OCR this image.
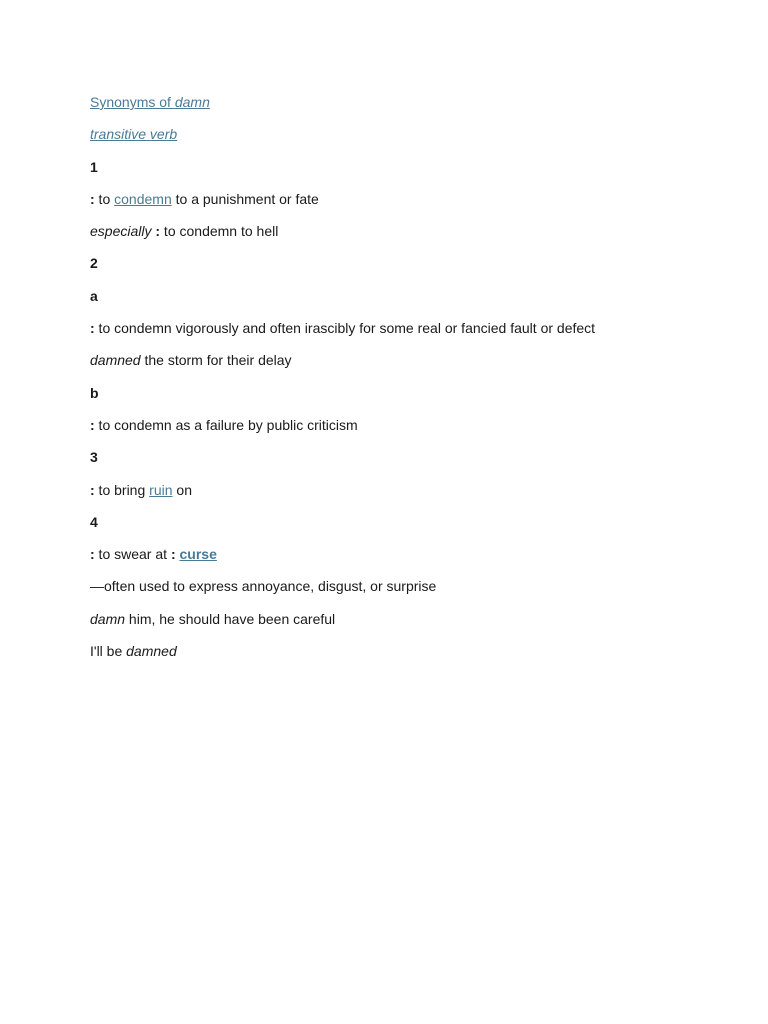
Synonyms of damn
transitive verb
1
: to condemn to a punishment or fate
especially : to condemn to hell
2
a
: to condemn vigorously and often irascibly for some real or fancied fault or defect
damned the storm for their delay
b
: to condemn as a failure by public criticism
3
: to bring ruin on
4
: to swear at : curse
—often used to express annoyance, disgust, or surprise
damn him, he should have been careful
I'll be damned
